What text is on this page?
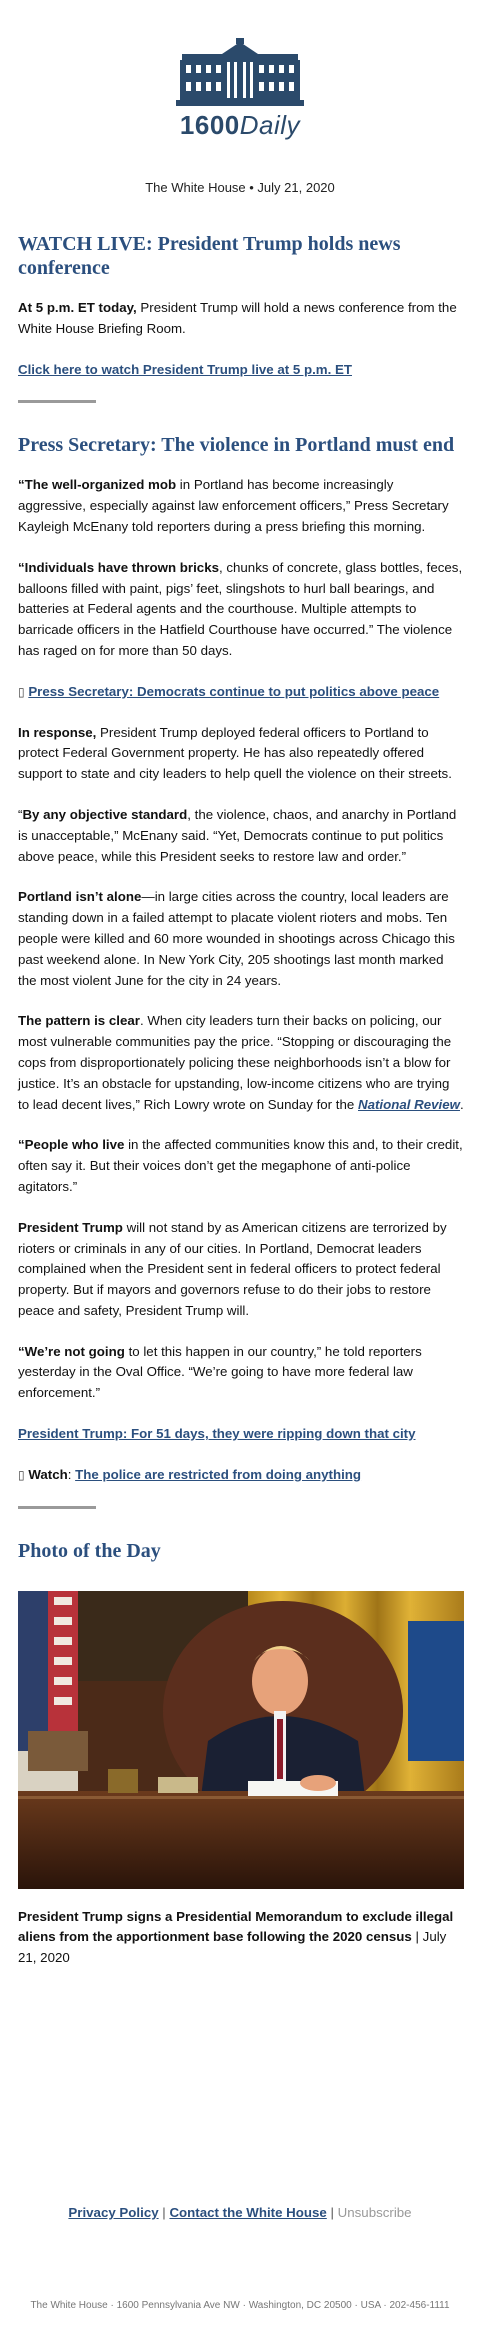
1600Daily
The White House • July 21, 2020
WATCH LIVE: President Trump holds news conference

At 5 p.m. ET today, President Trump will hold a news conference from the White House Briefing Room.

Click here to watch President Trump live at 5 p.m. ET

Press Secretary: The violence in Portland must end

“The well-organized mob in Portland has become increasingly aggressive, especially against law enforcement officers,” Press Secretary Kayleigh McEnany told reporters during a press briefing this morning.

“Individuals have thrown bricks, chunks of concrete, glass bottles, feces, balloons filled with paint, pigs’ feet, slingshots to hurl ball bearings, and batteries at Federal agents and the courthouse. Multiple attempts to barricade officers in the Hatfield Courthouse have occurred.” The violence has raged on for more than 50 days.

▯ Press Secretary: Democrats continue to put politics above peace

In response, President Trump deployed federal officers to Portland to protect Federal Government property. He has also repeatedly offered support to state and city leaders to help quell the violence on their streets.

“By any objective standard, the violence, chaos, and anarchy in Portland is unacceptable,” McEnany said. “Yet, Democrats continue to put politics above peace, while this President seeks to restore law and order.”

Portland isn’t alone—in large cities across the country, local leaders are standing down in a failed attempt to placate violent rioters and mobs. Ten people were killed and 60 more wounded in shootings across Chicago this past weekend alone. In New York City, 205 shootings last month marked the most violent June for the city in 24 years.

The pattern is clear. When city leaders turn their backs on policing, our most vulnerable communities pay the price. “Stopping or discouraging the cops from disproportionately policing these neighborhoods isn’t a blow for justice. It’s an obstacle for upstanding, low-income citizens who are trying to lead decent lives,” Rich Lowry wrote on Sunday for the National Review.

“People who live in the affected communities know this and, to their credit, often say it. But their voices don’t get the megaphone of anti-police agitators.”

President Trump will not stand by as American citizens are terrorized by rioters or criminals in any of our cities. In Portland, Democrat leaders complained when the President sent in federal officers to protect federal property. But if mayors and governors refuse to do their jobs to restore peace and safety, President Trump will.

“We’re not going to let this happen in our country,” he told reporters yesterday in the Oval Office. “We’re going to have more federal law enforcement.”

President Trump: For 51 days, they were ripping down that city

▯ Watch: The police are restricted from doing anything

Photo of the Day
President Trump signs a Presidential Memorandum to exclude illegal aliens from the apportionment base following the 2020 census | July 21, 2020
Privacy Policy | Contact the White House | Unsubscribe
The White House · 1600 Pennsylvania Ave NW · Washington, DC 20500 · USA · 202-456-1111
